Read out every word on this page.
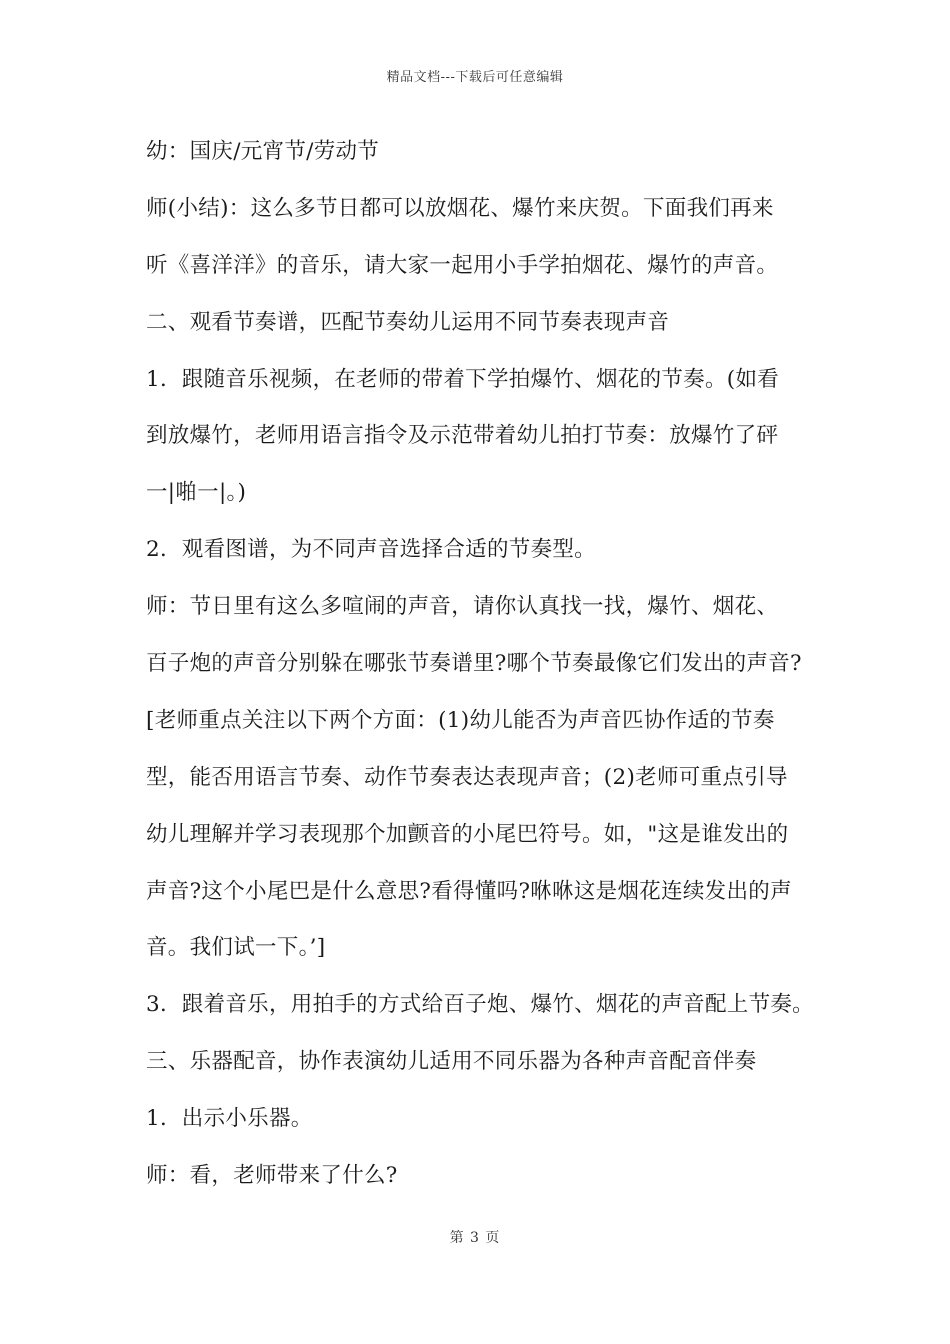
精品文档---下载后可任意编辑
幼：国庆/元宵节/劳动节
师(小结)：这么多节日都可以放烟花、爆竹来庆贺。下面我们再来
听《喜洋洋》的音乐，请大家一起用小手学拍烟花、爆竹的声音。
二、观看节奏谱，匹配节奏幼儿运用不同节奏表现声音
1．跟随音乐视频，在老师的带着下学拍爆竹、烟花的节奏。(如看
到放爆竹，老师用语言指令及示范带着幼儿拍打节奏：放爆竹了砰
一|啪一|。)
2．观看图谱，为不同声音选择合适的节奏型。
师：节日里有这么多喧闹的声音，请你认真找一找，爆竹、烟花、
百子炮的声音分别躲在哪张节奏谱里?哪个节奏最像它们发出的声音?
[老师重点关注以下两个方面：(1)幼儿能否为声音匹协作适的节奏
型，能否用语言节奏、动作节奏表达表现声音；(2)老师可重点引导
幼儿理解并学习表现那个加颤音的小尾巴符号。如，"这是谁发出的
声音?这个小尾巴是什么意思?看得懂吗?咻咻这是烟花连续发出的声
音。我们试一下。’]
3．跟着音乐，用拍手的方式给百子炮、爆竹、烟花的声音配上节奏。
三、乐器配音，协作表演幼儿适用不同乐器为各种声音配音伴奏
1．出示小乐器。
师：看，老师带来了什么?
第 3 页
